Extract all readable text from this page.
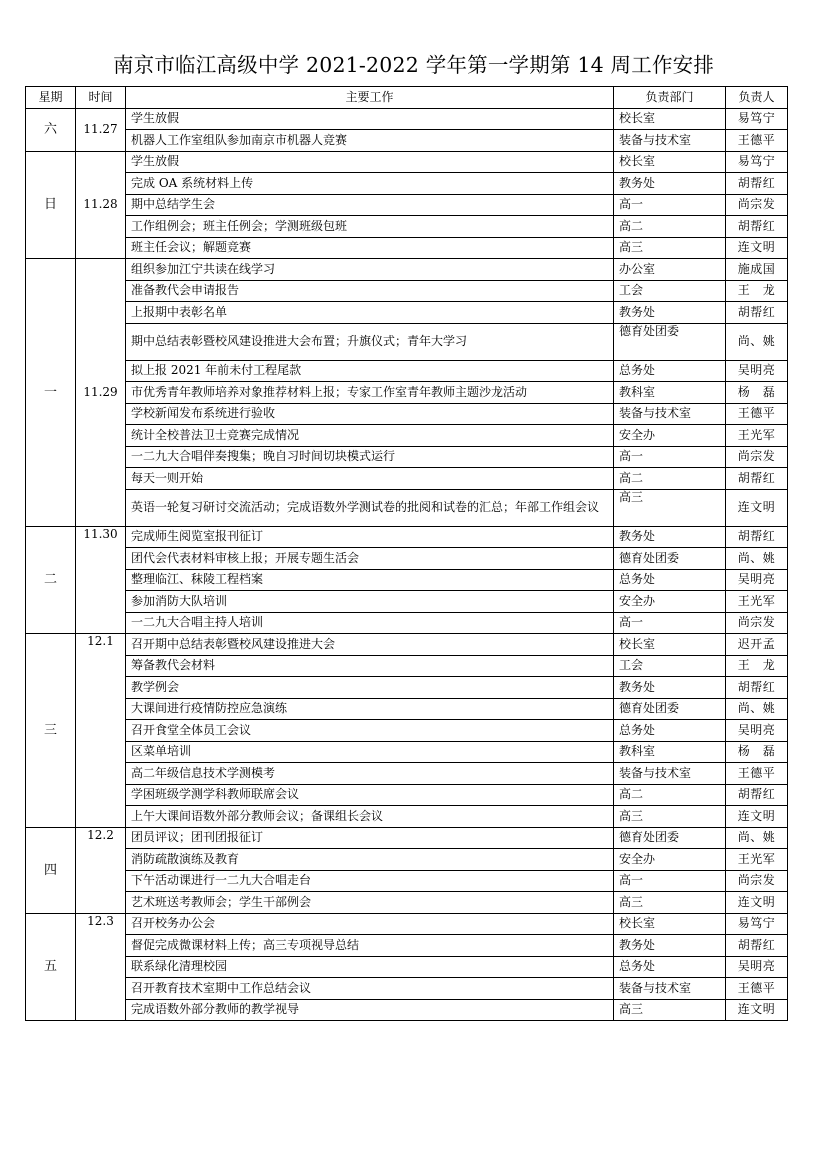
南京市临江高级中学 2021-2022 学年第一学期第 14 周工作安排
星期	时间	主要工作	负责部门	负责人
六	11.27	学生放假	校长室	易笃宁
		机器人工作室组队参加南京市机器人竞赛	装备与技术室	王德平
日	11.28	学生放假	校长室	易笃宁
		完成 OA 系统材料上传	教务处	胡帮红
		期中总结学生会	高一	尚宗发
		工作组例会；班主任例会；学测班级包班	高二	胡帮红
		班主任会议；解题竞赛	高三	连文明
一	11.29	组织参加江宁共读在线学习	办公室	施成国
		准备教代会申请报告	工会	王　龙
		上报期中表彰名单	教务处	胡帮红
		期中总结表彰暨校风建设推进大会布置；升旗仪式；青年大学习	德育处团委	尚、姚
		拟上报 2021 年前未付工程尾款	总务处	吴明亮
		市优秀青年教师培养对象推荐材料上报；专家工作室青年教师主题沙龙活动	教科室	杨　磊
		学校新闻发布系统进行验收	装备与技术室	王德平
		统计全校普法卫士竞赛完成情况	安全办	王光军
		一二九大合唱伴奏搜集；晚自习时间切块模式运行	高一	尚宗发
		每天一则开始	高二	胡帮红
		英语一轮复习研讨交流活动；完成语数外学测试卷的批阅和试卷的汇总；年部工作组会议	高三	连文明
二	11.30	完成师生阅览室报刊征订	教务处	胡帮红
		团代会代表材料审核上报；开展专题生活会	德育处团委	尚、姚
		整理临江、秣陵工程档案	总务处	吴明亮
		参加消防大队培训	安全办	王光军
		一二九大合唱主持人培训	高一	尚宗发
三	12.1	召开期中总结表彰暨校风建设推进大会	校长室	迟开孟
		筹备教代会材料	工会	王　龙
		教学例会	教务处	胡帮红
		大课间进行疫情防控应急演练	德育处团委	尚、姚
		召开食堂全体员工会议	总务处	吴明亮
		区菜单培训	教科室	杨　磊
		高二年级信息技术学测模考	装备与技术室	王德平
		学困班级学测学科教师联席会议	高二	胡帮红
		上午大课间语数外部分教师会议；备课组长会议	高三	连文明
四	12.2	团员评议；团刊团报征订	德育处团委	尚、姚
		消防疏散演练及教育	安全办	王光军
		下午活动课进行一二九大合唱走台	高一	尚宗发
		艺术班送考教师会；学生干部例会	高三	连文明
五	12.3	召开校务办公会	校长室	易笃宁
		督促完成微课材料上传；高三专项视导总结	教务处	胡帮红
		联系绿化清理校园	总务处	吴明亮
		召开教育技术室期中工作总结会议	装备与技术室	王德平
		完成语数外部分教师的教学视导	高三	连文明
